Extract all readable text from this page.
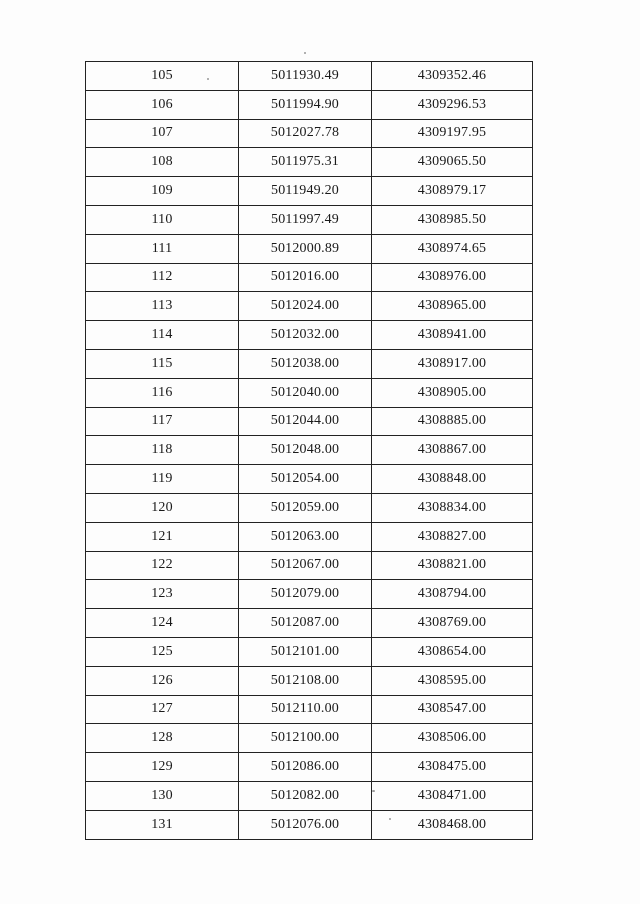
105	5011930.49	4309352.46
106	5011994.90	4309296.53
107	5012027.78	4309197.95
108	5011975.31	4309065.50
109	5011949.20	4308979.17
110	5011997.49	4308985.50
111	5012000.89	4308974.65
112	5012016.00	4308976.00
113	5012024.00	4308965.00
114	5012032.00	4308941.00
115	5012038.00	4308917.00
116	5012040.00	4308905.00
117	5012044.00	4308885.00
118	5012048.00	4308867.00
119	5012054.00	4308848.00
120	5012059.00	4308834.00
121	5012063.00	4308827.00
122	5012067.00	4308821.00
123	5012079.00	4308794.00
124	5012087.00	4308769.00
125	5012101.00	4308654.00
126	5012108.00	4308595.00
127	5012110.00	4308547.00
128	5012100.00	4308506.00
129	5012086.00	4308475.00
130	5012082.00	4308471.00
131	5012076.00	4308468.00
